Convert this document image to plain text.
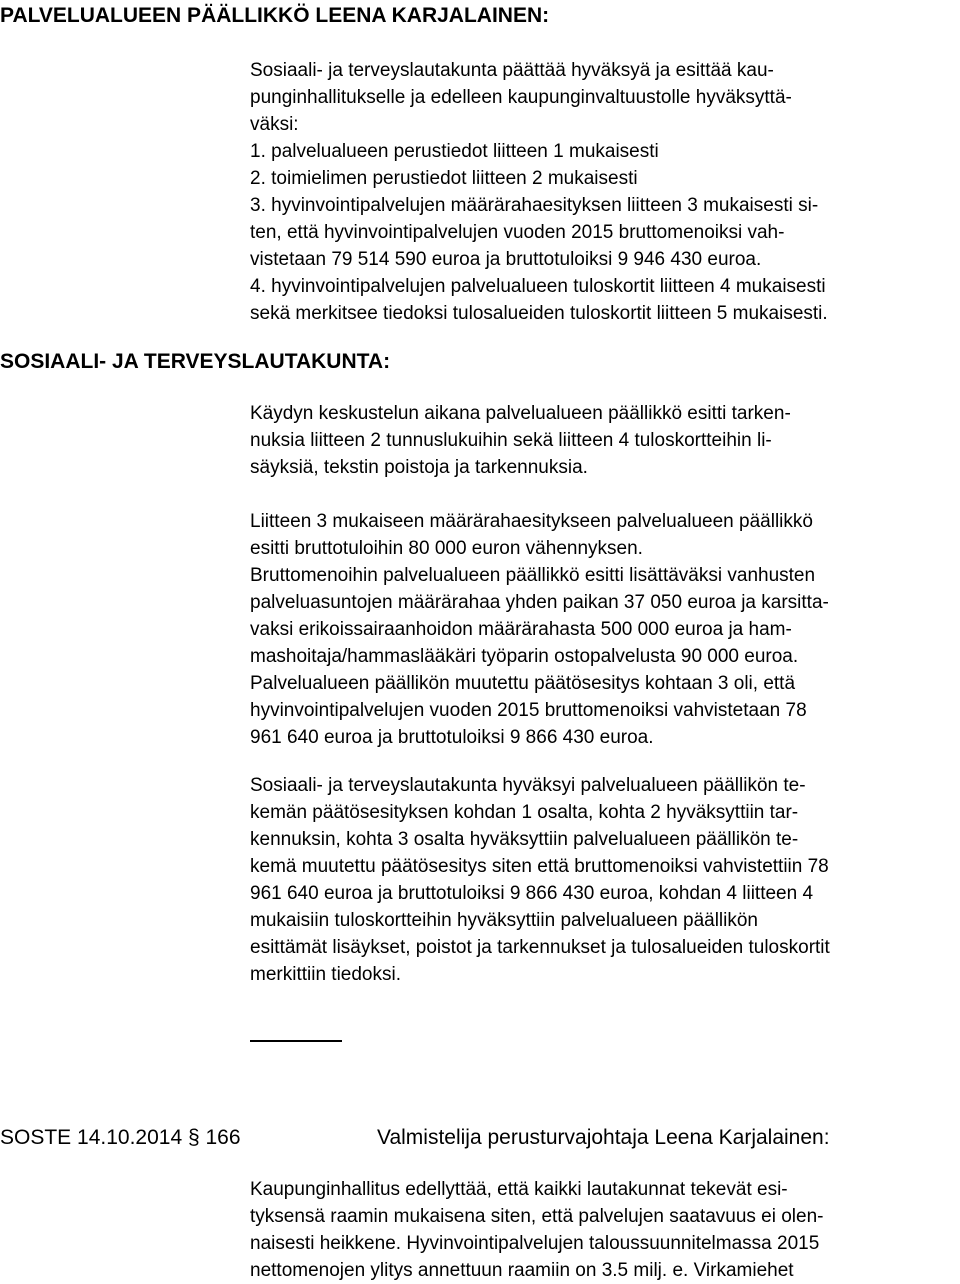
PALVELUALUEEN PÄÄLLIKKÖ LEENA KARJALAINEN:
Sosiaali- ja terveyslautakunta päättää hyväksyä ja esittää kau-
punginhallitukselle ja edelleen kaupunginvaltuustolle hyväksyttä-
väksi:
1. palvelualueen perustiedot liitteen 1 mukaisesti
2. toimielimen perustiedot liitteen 2 mukaisesti
3. hyvinvointipalvelujen määrärahaesityksen liitteen 3 mukaisesti si-
ten, että hyvinvointipalvelujen vuoden 2015 bruttomenoiksi vah-
vistetaan 79 514 590 euroa ja bruttotuloiksi 9 946 430 euroa.
4. hyvinvointipalvelujen palvelualueen tuloskortit liitteen 4 mukaisesti
sekä merkitsee tiedoksi tulosalueiden tuloskortit liitteen 5 mukaisesti.
SOSIAALI- JA TERVEYSLAUTAKUNTA:
Käydyn keskustelun aikana palvelualueen päällikkö esitti tarken-
nuksia liitteen 2 tunnuslukuihin sekä liitteen 4 tuloskortteihin li-
säyksiä, tekstin poistoja ja tarkennuksia.
Liitteen 3 mukaiseen määrärahaesitykseen palvelualueen päällikkö
esitti bruttotuloihin 80 000 euron vähennyksen.
Bruttomenoihin palvelualueen päällikkö esitti lisättäväksi vanhusten
palveluasuntojen määrärahaa yhden paikan 37 050 euroa ja karsitta-
vaksi erikoissairaanhoidon määrärahasta 500 000 euroa ja ham-
mashoitaja/hammaslääkäri työparin ostopalvelusta 90 000 euroa.
Palvelualueen päällikön muutettu päätösesitys kohtaan 3 oli, että
hyvinvointipalvelujen vuoden 2015 bruttomenoiksi vahvistetaan 78
961 640 euroa ja bruttotuloiksi 9 866 430 euroa.
Sosiaali- ja terveyslautakunta hyväksyi palvelualueen päällikön te-
kemän päätösesityksen kohdan 1 osalta, kohta 2 hyväksyttiin tar-
kennuksin, kohta 3 osalta hyväksyttiin palvelualueen päällikön te-
kemä muutettu päätösesitys siten että bruttomenoiksi vahvistettiin 78
961 640 euroa ja bruttotuloiksi 9 866 430 euroa, kohdan 4 liitteen 4
mukaisiin tuloskortteihin hyväksyttiin palvelualueen päällikön
esittämät lisäykset, poistot ja tarkennukset ja tulosalueiden tuloskortit
merkittiin tiedoksi.
SOSTE 14.10.2014 § 166	Valmistelija perusturvajohtaja Leena Karjalainen:
Kaupunginhallitus edellyttää, että kaikki lautakunnat tekevät esi-
tyksensä raamin mukaisena siten, että palvelujen saatavuus ei olen-
naisesti heikkene. Hyvinvointipalvelujen taloussuunnitelmassa 2015
nettomenojen ylitys annettuun raamiin on 3.5 milj. e. Virkamiehet
